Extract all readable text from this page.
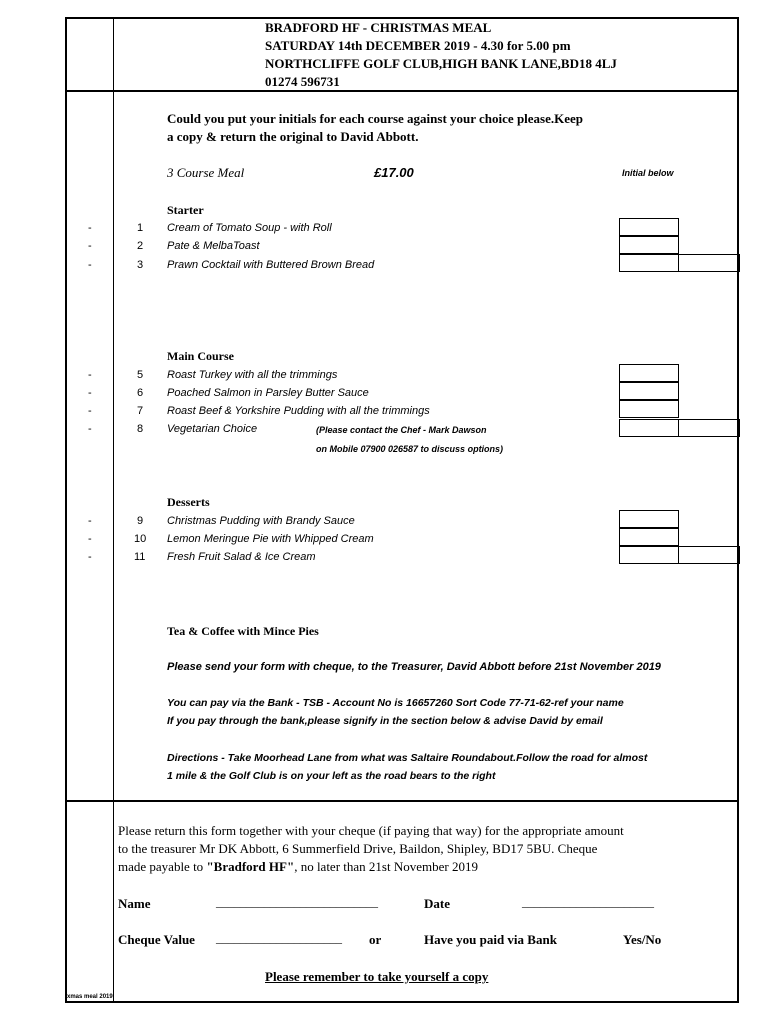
BRADFORD HF - CHRISTMAS MEAL
SATURDAY 14th DECEMBER 2019 - 4.30 for 5.00 pm
NORTHCLIFFE GOLF CLUB,HIGH BANK LANE,BD18 4LJ
01274 596731
Could you put your initials for each course against your choice please.Keep
a copy & return the original to David Abbott.
3 Course Meal	£17.00	Initial below
Starter
-	1 Cream of Tomato Soup - with Roll
-	2 Pate & MelbaToast
-	3 Prawn Cocktail with Buttered Brown Bread
Main Course
-	5 Roast Turkey with all the trimmings
-	6 Poached Salmon in Parsley Butter Sauce
-	7 Roast Beef & Yorkshire Pudding with all the trimmings
-	8 Vegetarian Choice	(Please contact the Chef - Mark Dawson
on Mobile 07900 026587 to discuss options)
Desserts
-	9 Christmas Pudding with Brandy Sauce
-	10 Lemon Meringue Pie with Whipped Cream
-	11 Fresh Fruit Salad & Ice Cream
Tea & Coffee with Mince Pies
Please send your form with cheque, to the Treasurer, David Abbott before 21st November 2019
You can pay via the Bank - TSB - Account No is 16657260 Sort Code 77-71-62-ref your name
If you pay through the bank,please signify in the section below & advise David by email
Directions - Take Moorhead Lane from what was Saltaire Roundabout.Follow the road for almost
1 mile & the Golf Club is on your left as the road bears to the right
Please return this form together with your cheque (if paying that way) for the appropriate amount
to the treasurer Mr DK Abbott, 6 Summerfield Drive, Baildon, Shipley, BD17 5BU. Cheque
made payable to "Bradford HF", no later than 21st November 2019
Name	___________________________	Date	______________________
Cheque Value _____________________ or	Have you paid via Bank	Yes/No
Please remember to take yourself a copy
xmas meal 2019
